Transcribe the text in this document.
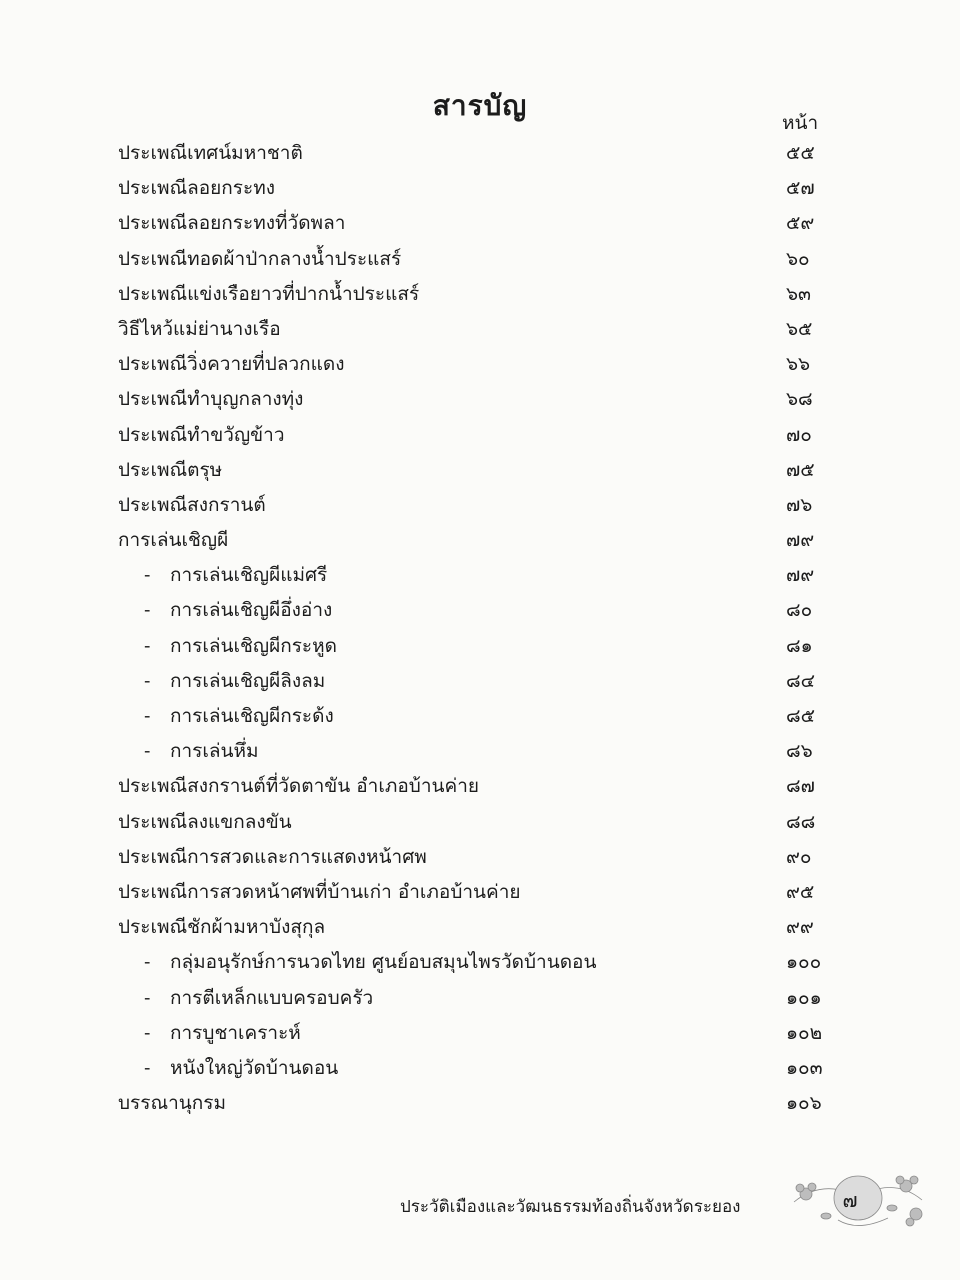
สารบัญ
หน้า
ประเพณีเทศน์มหาชาติ	๕๕
ประเพณีลอยกระทง	๕๗
ประเพณีลอยกระทงที่วัดพลา	๕๙
ประเพณีทอดผ้าป่ากลางน้ำประแสร์	๖๐
ประเพณีแข่งเรือยาวที่ปากน้ำประแสร์	๖๓
วิธีไหว้แม่ย่านางเรือ	๖๕
ประเพณีวิ่งควายที่ปลวกแดง	๖๖
ประเพณีทำบุญกลางทุ่ง	๖๘
ประเพณีทำขวัญข้าว	๗๐
ประเพณีตรุษ	๗๕
ประเพณีสงกรานต์	๗๖
การเล่นเชิญผี	๗๙
- การเล่นเชิญผีแม่ศรี	๗๙
- การเล่นเชิญผีอึ่งอ่าง	๘๐
- การเล่นเชิญผีกระหูด	๘๑
- การเล่นเชิญผีลิงลม	๘๔
- การเล่นเชิญผีกระด้ง	๘๕
- การเล่นหึ่ม	๘๖
ประเพณีสงกรานต์ที่วัดตาขัน อำเภอบ้านค่าย	๘๗
ประเพณีลงแขกลงขัน	๘๘
ประเพณีการสวดและการแสดงหน้าศพ	๙๐
ประเพณีการสวดหน้าศพที่บ้านเก่า อำเภอบ้านค่าย	๙๕
ประเพณีชักผ้ามหาบังสุกุล	๙๙
- กลุ่มอนุรักษ์การนวดไทย ศูนย์อบสมุนไพรวัดบ้านดอน	๑๐๐
- การตีเหล็กแบบครอบครัว	๑๐๑
- การบูชาเคราะห์	๑๐๒
- หนังใหญ่วัดบ้านดอน	๑๐๓
บรรณานุกรม	๑๐๖
๗
ประวัติเมืองและวัฒนธรรมท้องถิ่นจังหวัดระยอง
